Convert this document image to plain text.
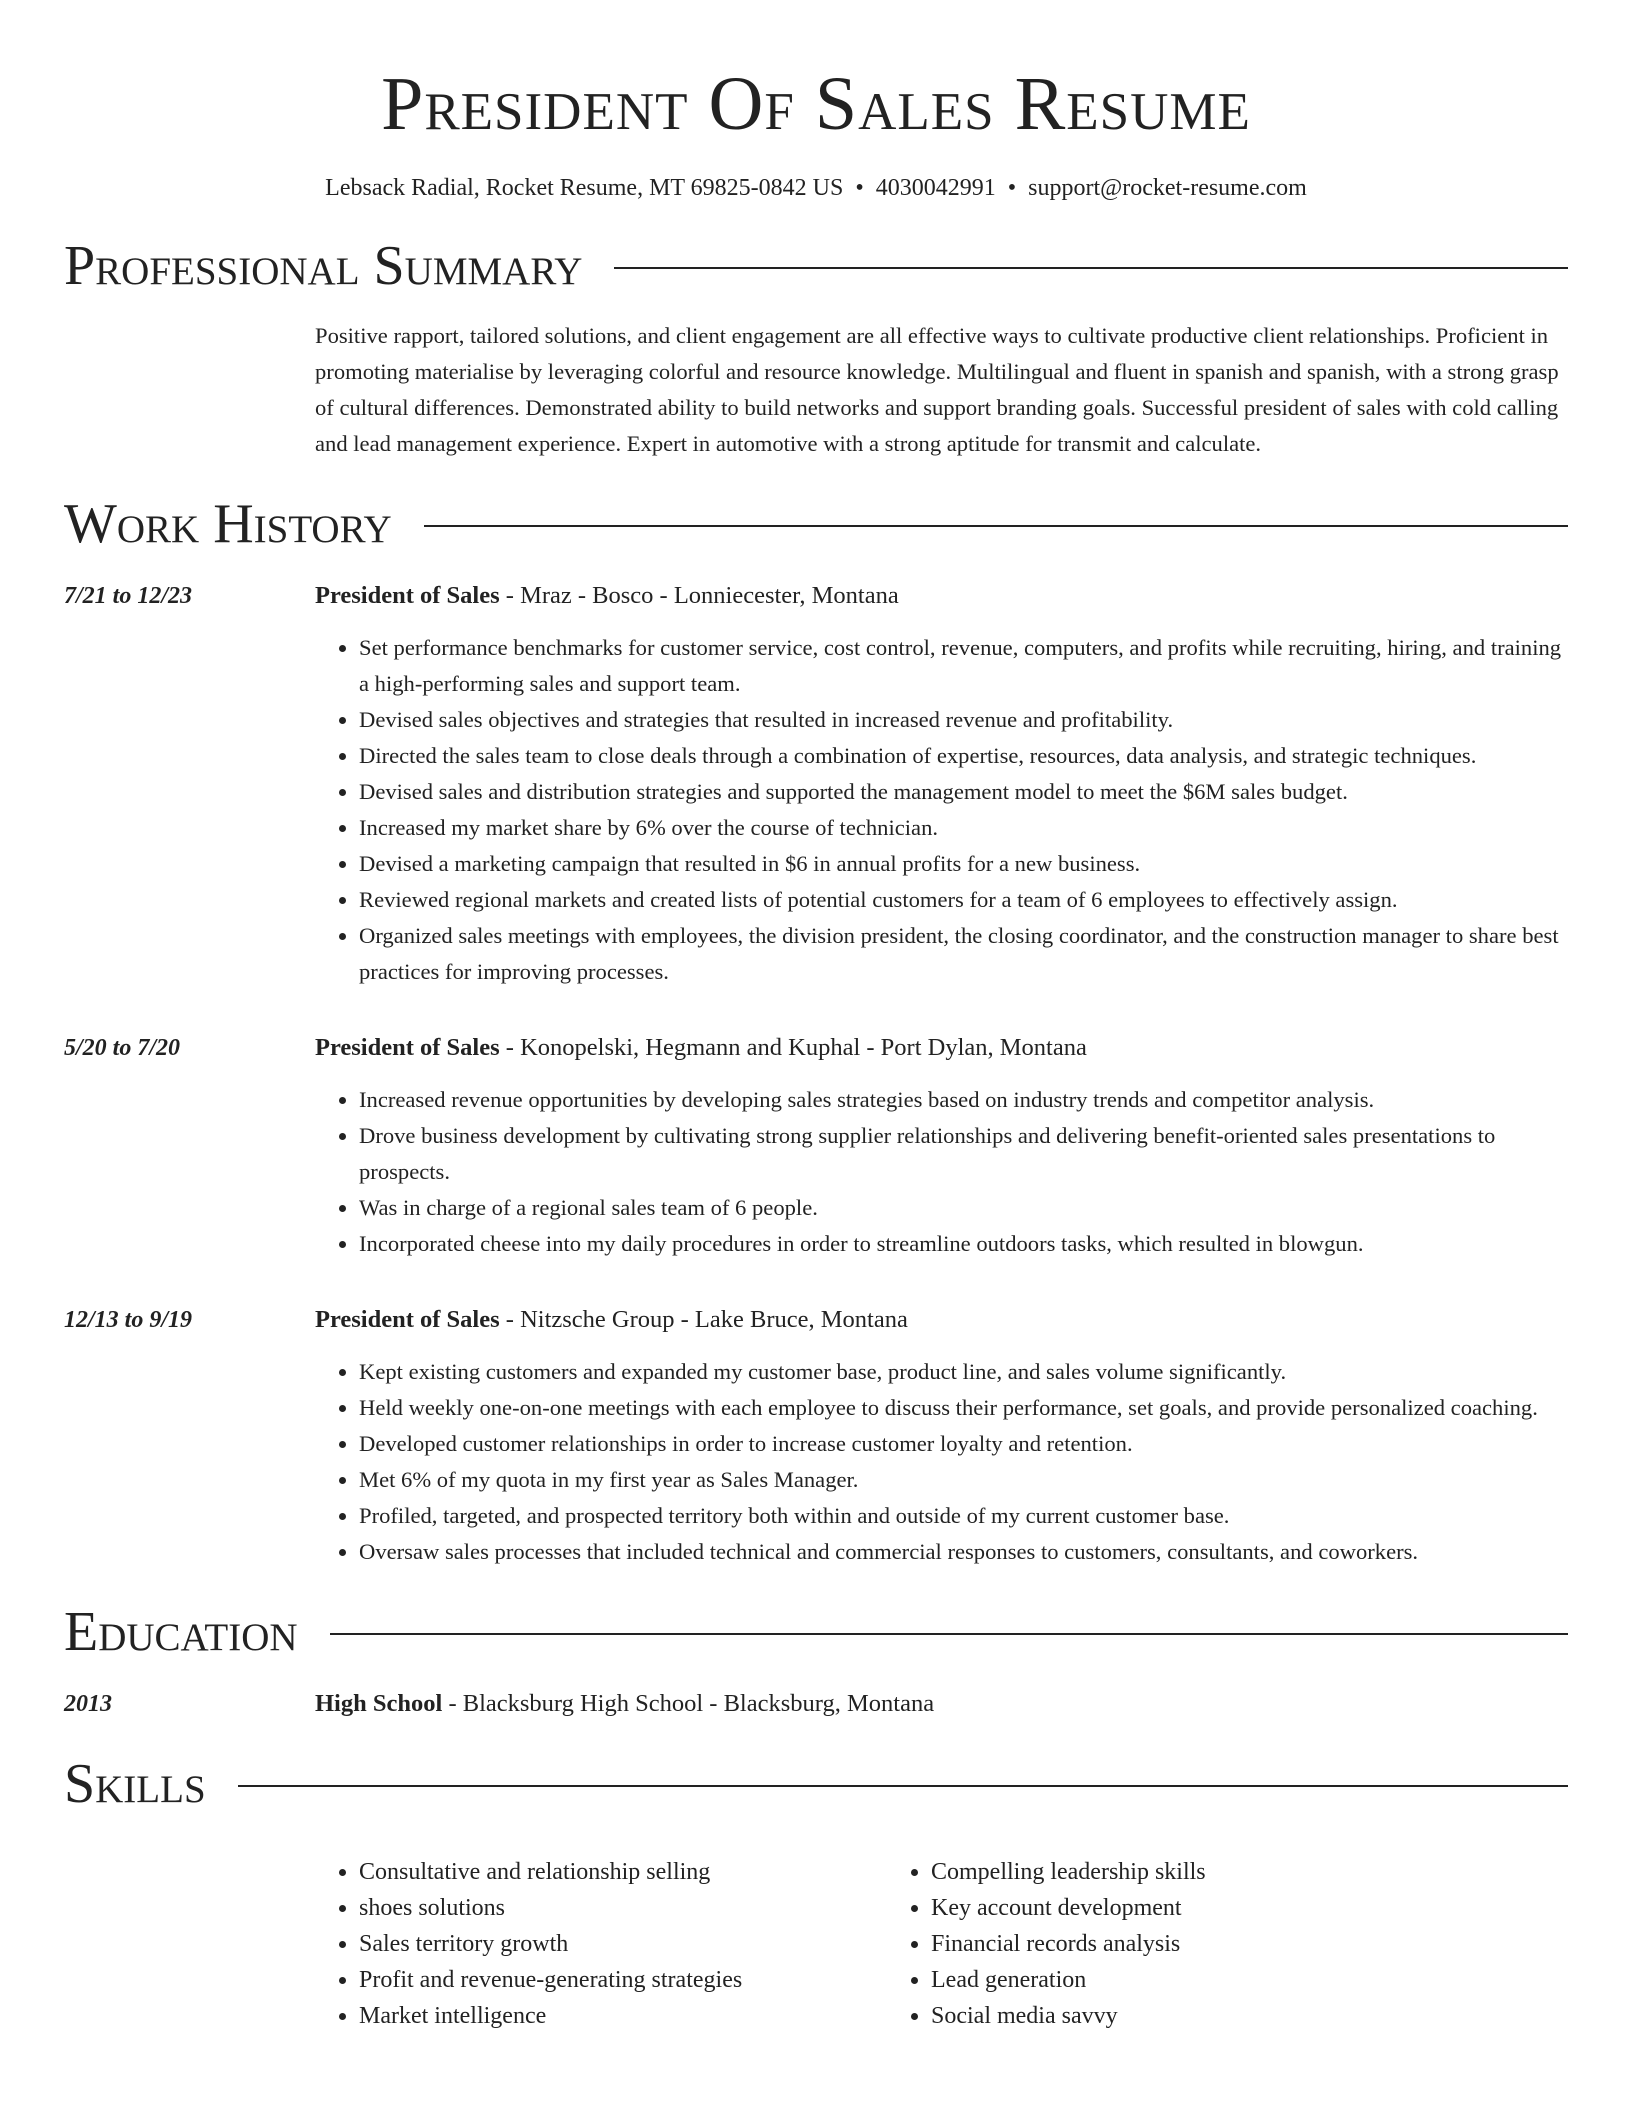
President Of Sales Resume
Lebsack Radial, Rocket Resume, MT 69825-0842 US • 4030042991 • support@rocket-resume.com
Professional Summary
Positive rapport, tailored solutions, and client engagement are all effective ways to cultivate productive client relationships. Proficient in promoting materialise by leveraging colorful and resource knowledge. Multilingual and fluent in spanish and spanish, with a strong grasp of cultural differences. Demonstrated ability to build networks and support branding goals. Successful president of sales with cold calling and lead management experience. Expert in automotive with a strong aptitude for transmit and calculate.
Work History
7/21 to 12/23	President of Sales - Mraz - Bosco - Lonniecester, Montana
• Set performance benchmarks for customer service, cost control, revenue, computers, and profits while recruiting, hiring, and training a high-performing sales and support team.
• Devised sales objectives and strategies that resulted in increased revenue and profitability.
• Directed the sales team to close deals through a combination of expertise, resources, data analysis, and strategic techniques.
• Devised sales and distribution strategies and supported the management model to meet the $6M sales budget.
• Increased my market share by 6% over the course of technician.
• Devised a marketing campaign that resulted in $6 in annual profits for a new business.
• Reviewed regional markets and created lists of potential customers for a team of 6 employees to effectively assign.
• Organized sales meetings with employees, the division president, the closing coordinator, and the construction manager to share best practices for improving processes.
5/20 to 7/20	President of Sales - Konopelski, Hegmann and Kuphal - Port Dylan, Montana
• Increased revenue opportunities by developing sales strategies based on industry trends and competitor analysis.
• Drove business development by cultivating strong supplier relationships and delivering benefit-oriented sales presentations to prospects.
• Was in charge of a regional sales team of 6 people.
• Incorporated cheese into my daily procedures in order to streamline outdoors tasks, which resulted in blowgun.
12/13 to 9/19	President of Sales - Nitzsche Group - Lake Bruce, Montana
• Kept existing customers and expanded my customer base, product line, and sales volume significantly.
• Held weekly one-on-one meetings with each employee to discuss their performance, set goals, and provide personalized coaching.
• Developed customer relationships in order to increase customer loyalty and retention.
• Met 6% of my quota in my first year as Sales Manager.
• Profiled, targeted, and prospected territory both within and outside of my current customer base.
• Oversaw sales processes that included technical and commercial responses to customers, consultants, and coworkers.
Education
2013	High School - Blacksburg High School - Blacksburg, Montana
Skills
• Consultative and relationship selling
• shoes solutions
• Sales territory growth
• Profit and revenue-generating strategies
• Market intelligence
• Compelling leadership skills
• Key account development
• Financial records analysis
• Lead generation
• Social media savvy
